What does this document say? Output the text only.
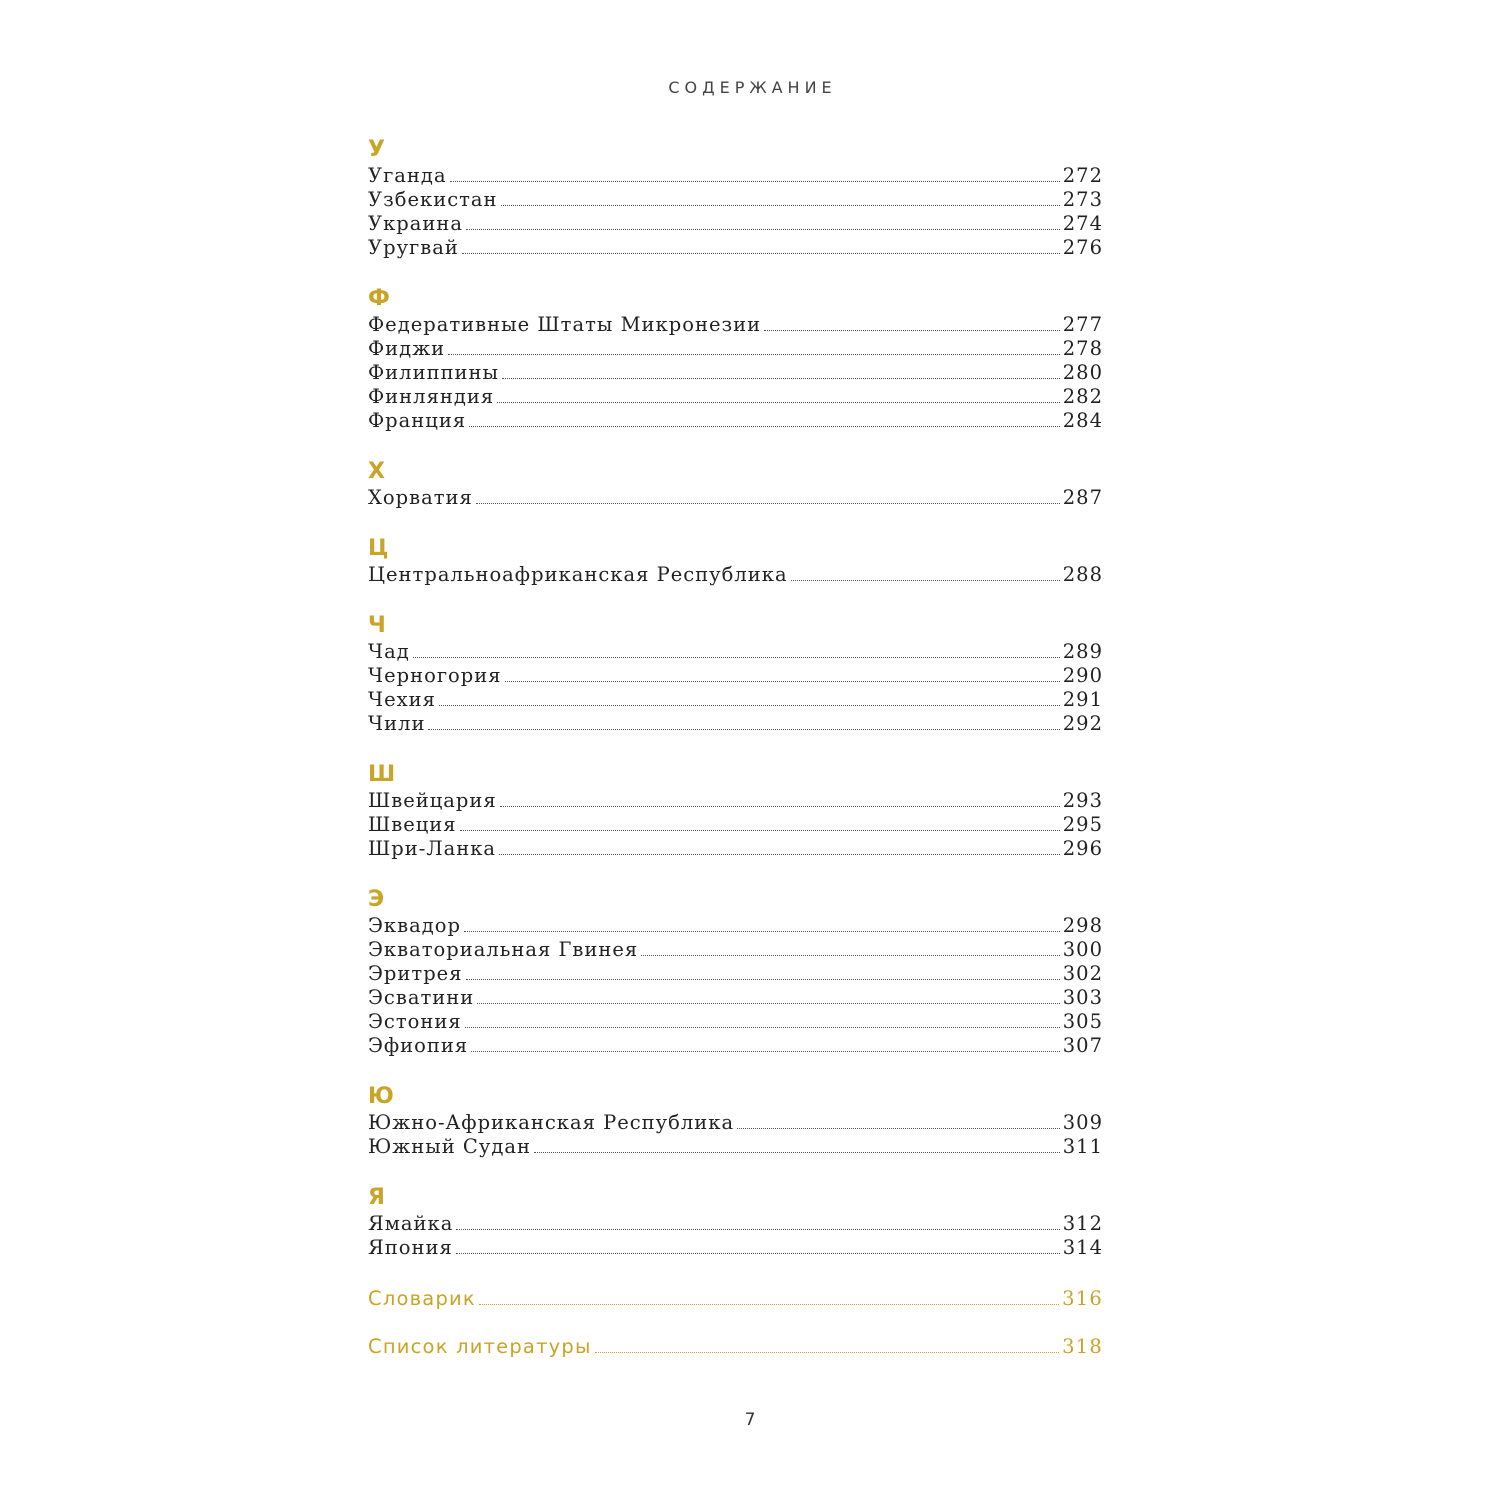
СОДЕРЖАНИЕ
У
Уганда	272
Узбекистан	273
Украина	274
Уругвай	276
Ф
Федеративные Штаты Микронезии	277
Фиджи	278
Филиппины	280
Финляндия	282
Франция	284
Х
Хорватия	287
Ц
Центральноафриканская Республика	288
Ч
Чад	289
Черногория	290
Чехия	291
Чили	292
Ш
Швейцария	293
Швеция	295
Шри-Ланка	296
Э
Эквадор	298
Экваториальная Гвинея	300
Эритрея	302
Эсватини	303
Эстония	305
Эфиопия	307
Ю
Южно-Африканская Республика	309
Южный Судан	311
Я
Ямайка	312
Япония	314
Словарик	316
Список литературы	318
7
